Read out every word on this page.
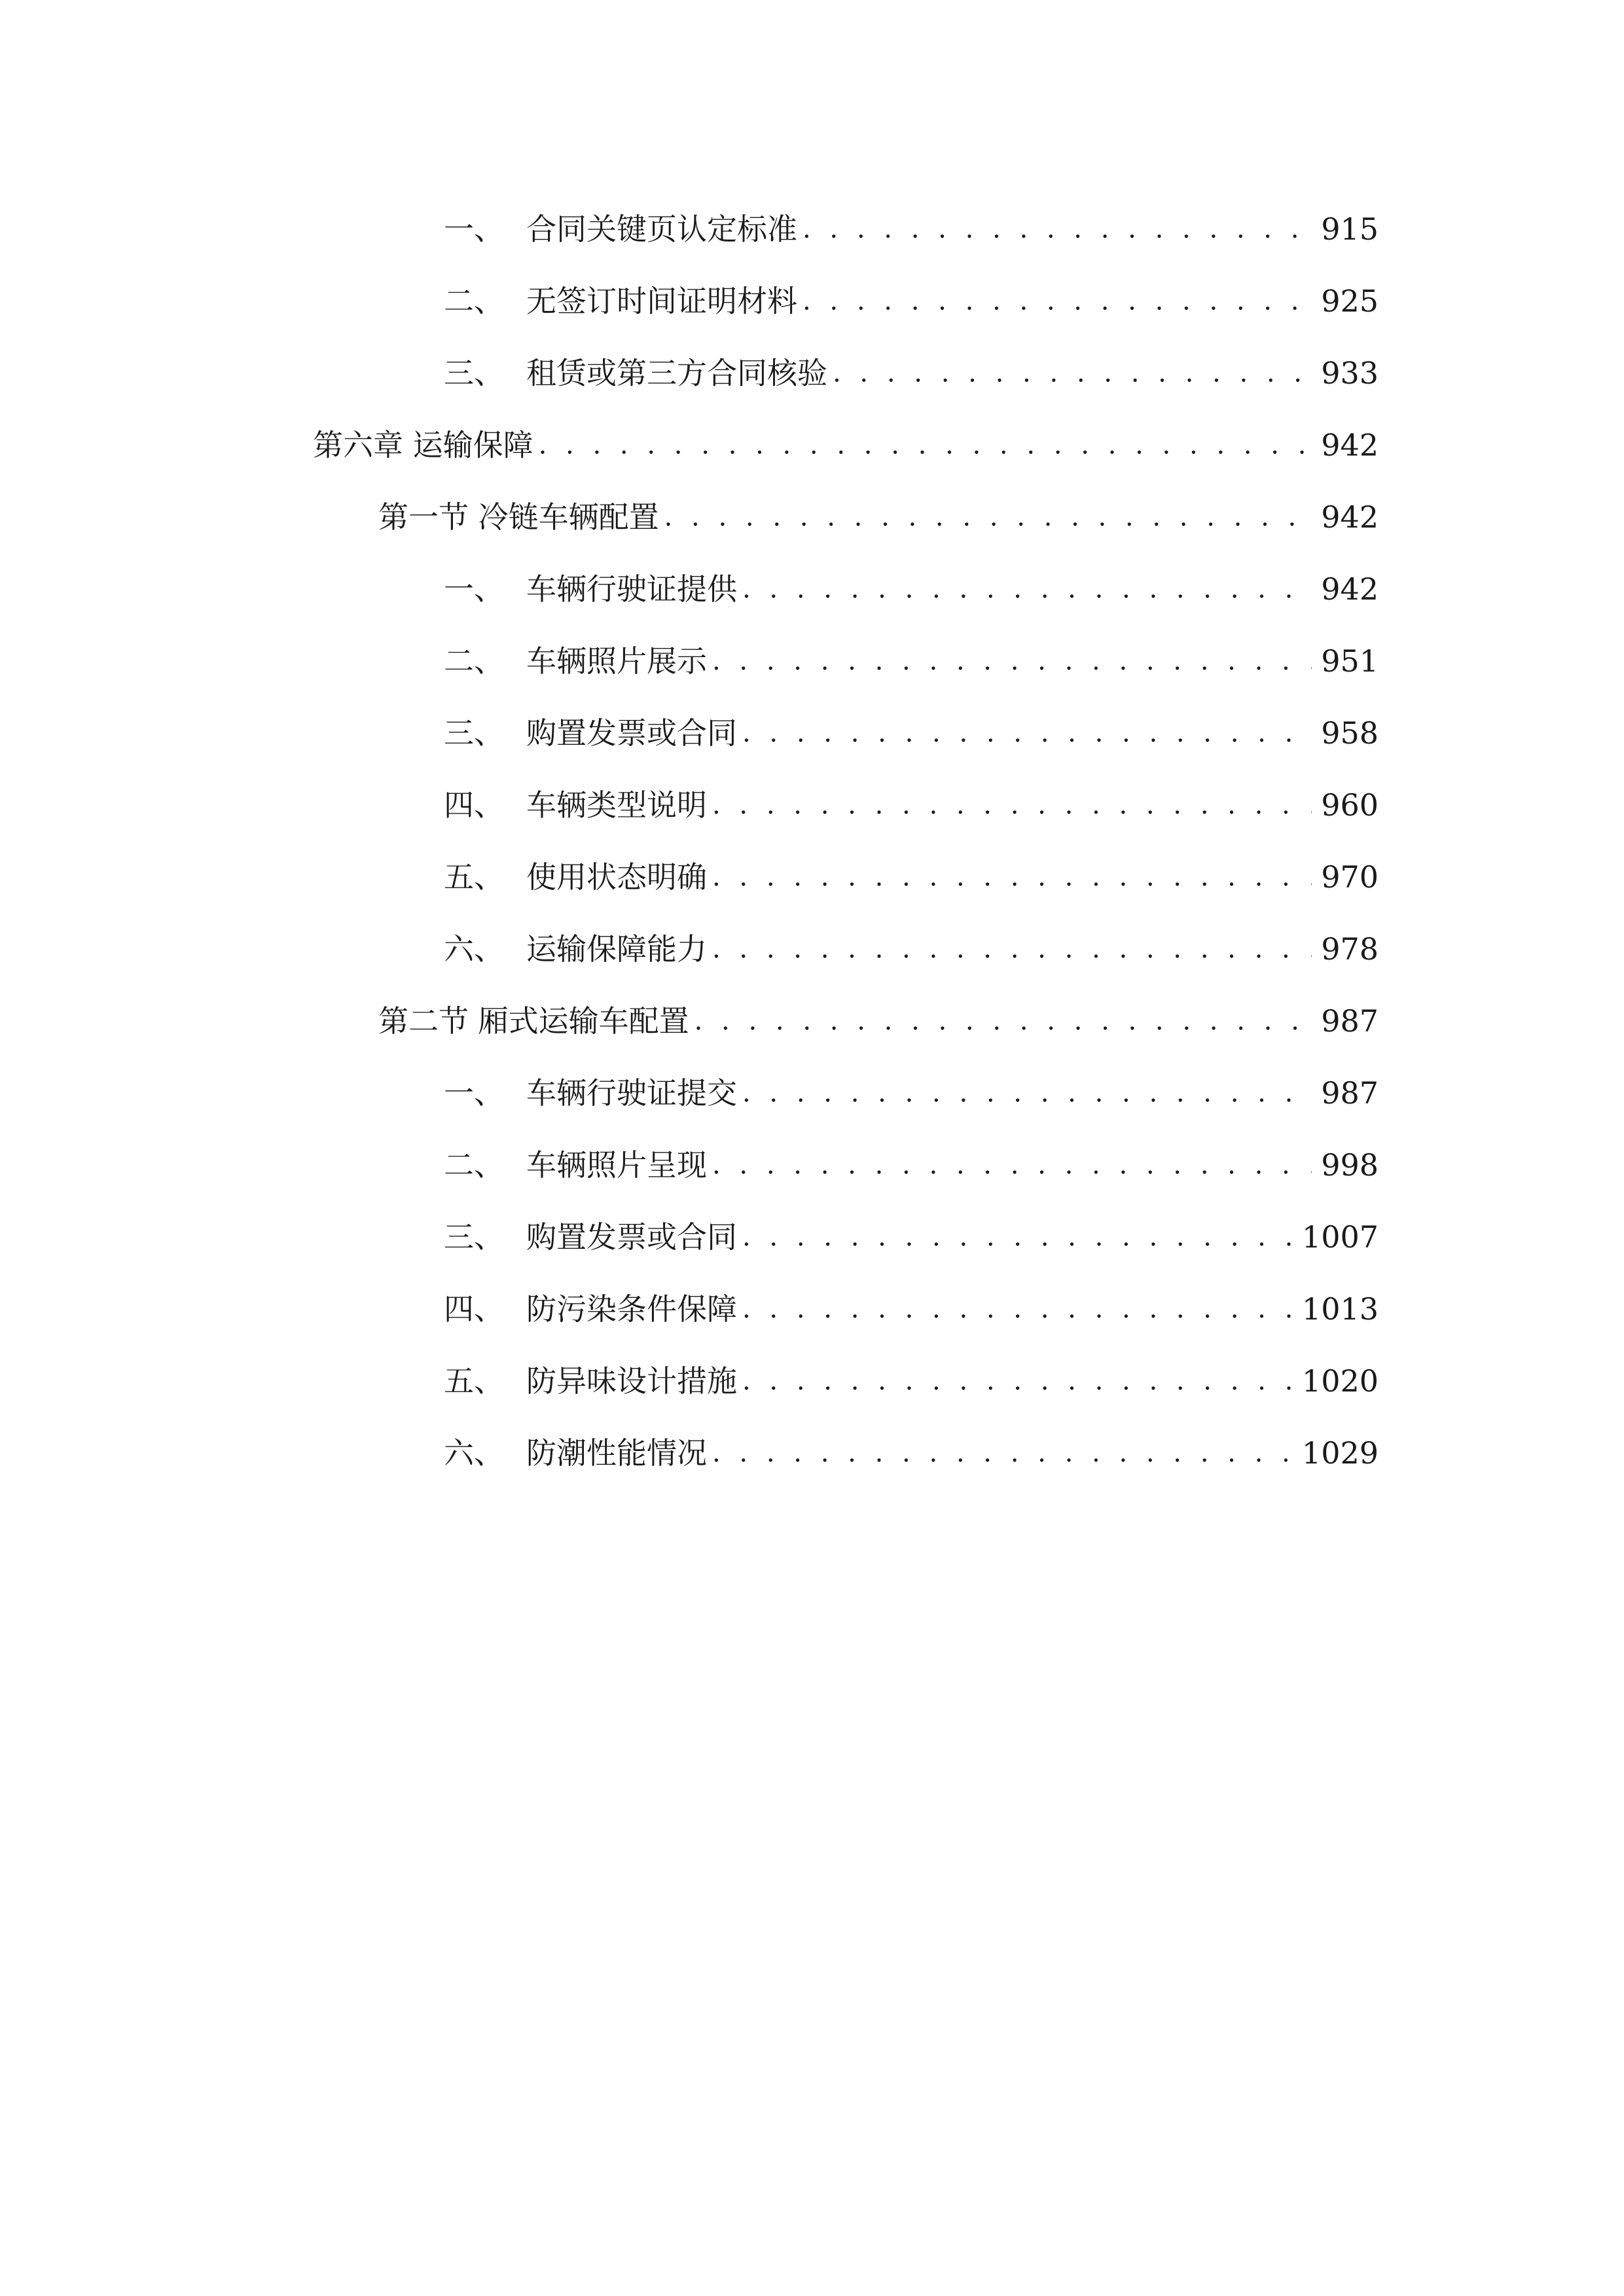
一、 合同关键页认定标准 . . .	915
二、 无签订时间证明材料 . . .	925
三、 租赁或第三方合同核验 . . .	933
第六章 运输保障 . . .	942
第一节 冷链车辆配置 . . .	942
一、 车辆行驶证提供 . . .	942
二、 车辆照片展示 . . .	951
三、 购置发票或合同 . . .	958
四、 车辆类型说明 . . .	960
五、 使用状态明确 . . .	970
六、 运输保障能力 . . .	978
第二节 厢式运输车配置 . . .	987
一、 车辆行驶证提交 . . .	987
二、 车辆照片呈现 . . .	998
三、 购置发票或合同 . . .	1007
四、 防污染条件保障 . . .	1013
五、 防异味设计措施 . . .	1020
六、 防潮性能情况 . . .	1029
